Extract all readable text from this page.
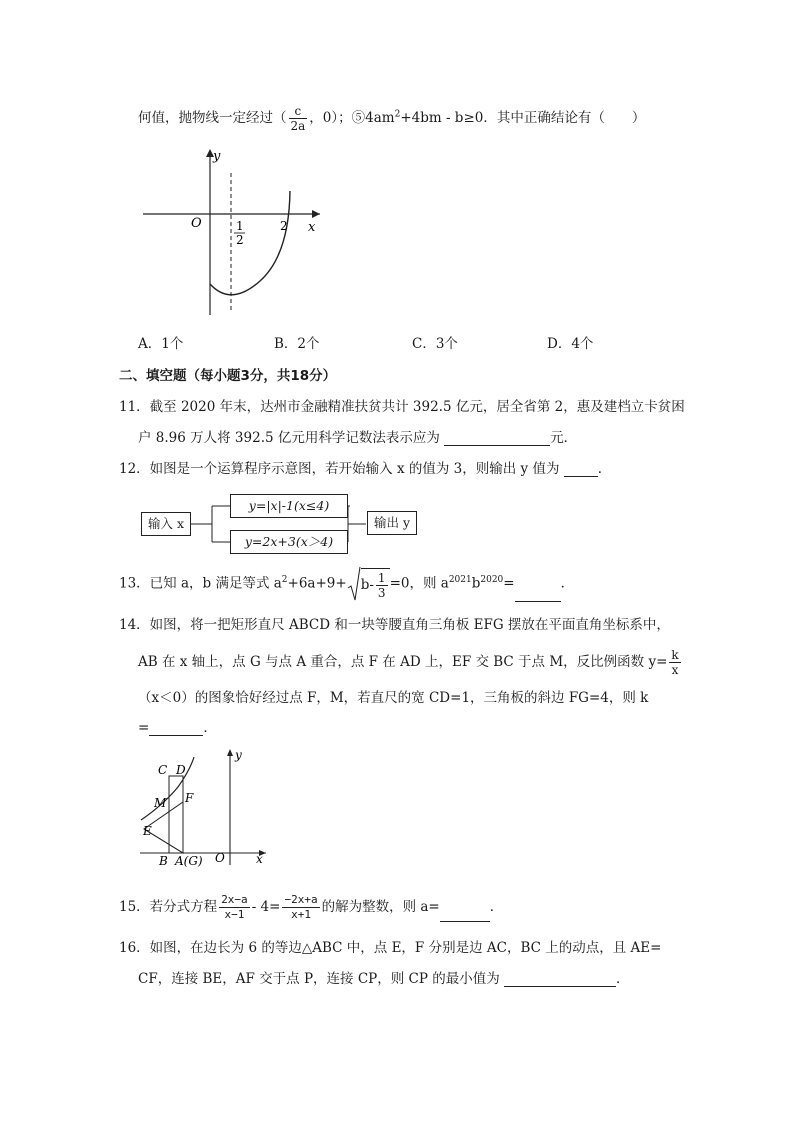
何值，抛物线一定经过（ $\frac{c}{2a}$ ，0）；$⑤4am^2+4bm - b\ge 0$．其中正确结论有（　　）
y
x
O	1
2
2
A．1个	B．2个	C．3个	D．4个
二、填空题（每小题3分，共18分）
11．截至 2020 年末，达州市金融精准扶贫共计 392.5 亿元，居全省第 2，惠及建档立卡贫困
户 8.96 万人将 392.5 亿元用科学记数法表示应为	元．
12．如图是一个运算程序示意图，若开始输入 x 的值为 3，则输出 y 值为	．
输入 x
y=|x|-1(x≤4)
y=2x+3(x＞4)
输出 y
13．已知 a，b 满足等式 $a^2+6a+9+ b- \frac{1}{3} =0$，则 $a^{2021}b^{2020}=$	．
14．如图，将一把矩形直尺 ABCD 和一块等腰直角三角板 EFG 摆放在平面直角坐标系中，
AB 在 x 轴上，点 G 与点 A 重合，点 F 在 AD 上，EF 交 BC 于点 M，反比例函数 $y= \frac{k}{x}$
（x＜0）的图象恰好经过点 F，M，若直尺的宽 CD=1，三角板的斜边 FG=4，则 k
=	．
C D
M F
E
B A(G) O	x
y
15．若分式方程 $\frac{2x-a}{x-1} - 4= \frac{-2x+a}{x+1}$ 的解为整数，则 a=	．
16．如图，在边长为 6 的等边△ABC 中，点 E，F 分别是边 AC，BC 上的动点，且 AE=
CF，连接 BE，AF 交于点 P，连接 CP，则 CP 的最小值为	．
